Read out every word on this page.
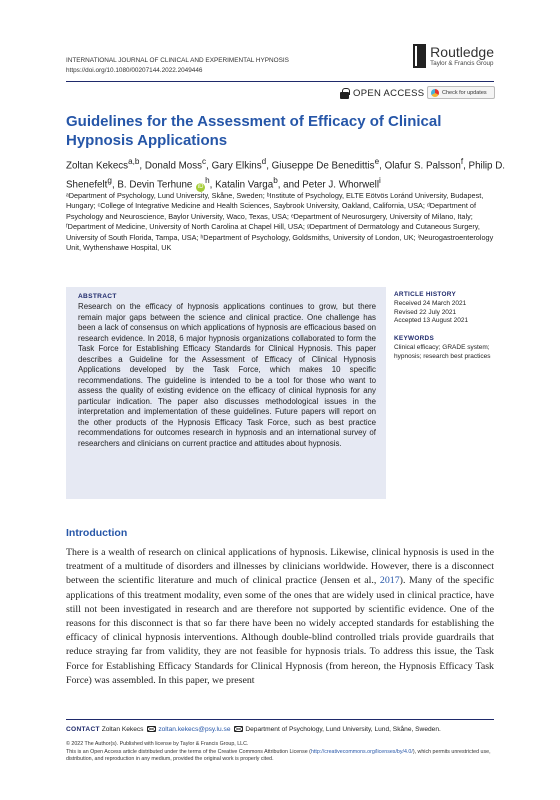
INTERNATIONAL JOURNAL OF CLINICAL AND EXPERIMENTAL HYPNOSIS
https://doi.org/10.1080/00207144.2022.2049446
Routledge
Taylor & Francis Group
OPEN ACCESS	Check for updates
Guidelines for the Assessment of Efficacy of Clinical Hypnosis Applications
Zoltan Kekecs$^{a,b}$, Donald Moss$^c$, Gary Elkins$^d$, Giuseppe De Benedittis$^e$, Olafur S. Palsson$^f$, Philip D. Shenefelt$^g$, B. Devin Terhune $iD^h$, Katalin Varga$^b$, and Peter J. Whorwell$^i$
ᵃDepartment of Psychology, Lund University, Skåne, Sweden; ᵇInstitute of Psychology, ELTE Eötvös Loránd University, Budapest, Hungary; ᶜCollege of Integrative Medicine and Health Sciences, Saybrook University, Oakland, California, USA; ᵈDepartment of Psychology and Neuroscience, Baylor University, Waco, Texas, USA; ᵉDepartment of Neurosurgery, University of Milano, Italy; ᶠDepartment of Medicine, University of North Carolina at Chapel Hill, USA; ᵍDepartment of Dermatology and Cutaneous Surgery, University of South Florida, Tampa, USA; ʰDepartment of Psychology, Goldsmiths, University of London, UK; ⁱNeurogastroenterology Unit, Wythenshawe Hospital, UK
ABSTRACT
Research on the efficacy of hypnosis applications continues to grow, but there remain major gaps between the science and clinical practice. One challenge has been a lack of consensus on which applications of hypnosis are efficacious based on research evidence. In 2018, 6 major hypnosis organizations collaborated to form the Task Force for Establishing Efficacy Standards for Clinical Hypnosis. This paper describes a Guideline for the Assessment of Efficacy of Clinical Hypnosis Applications developed by the Task Force, which makes 10 specific recommendations. The guideline is intended to be a tool for those who want to assess the quality of existing evidence on the efficacy of clinical hypnosis for any particular indication. The paper also discusses methodological issues in the interpretation and implementation of these guidelines. Future papers will report on the other products of the Hypnosis Efficacy Task Force, such as best practice recommendations for outcomes research in hypnosis and an international survey of researchers and clinicians on current practice and attitudes about hypnosis.
ARTICLE HISTORY
Received 24 March 2021
Revised 22 July 2021
Accepted 13 August 2021
KEYWORDS
Clinical efficacy; GRADE system; hypnosis; research best practices
Introduction

There is a wealth of research on clinical applications of hypnosis. Likewise, clinical hypnosis is used in the treatment of a multitude of disorders and illnesses by clinicians worldwide. However, there is a disconnect between the scientific literature and much of clinical practice (Jensen et al., 2017). Many of the specific applications of this treatment modality, even some of the ones that are widely used in clinical practice, have still not been investigated in research and are therefore not supported by scientific evidence. One of the reasons for this disconnect is that so far there have been no widely accepted standards for establishing the efficacy of clinical hypnosis interventions. Although double-blind controlled trials provide guardrails that reduce straying far from validity, they are not feasible for hypnosis trials. To address this issue, the Task Force for Establishing Efficacy Standards for Clinical Hypnosis (from hereon, the Hypnosis Efficacy Task Force) was assembled. In this paper, we present

CONTACT Zoltan Kekecs zoltan.kekecs@psy.lu.se Department of Psychology, Lund University, Lund, Skåne, Sweden.
© 2022 The Author(s). Published with license by Taylor & Francis Group, LLC.
This is an Open Access article distributed under the terms of the Creative Commons Attribution License (http://creativecommons.org/licenses/by/4.0/), which permits unrestricted use, distribution, and reproduction in any medium, provided the original work is properly cited.
